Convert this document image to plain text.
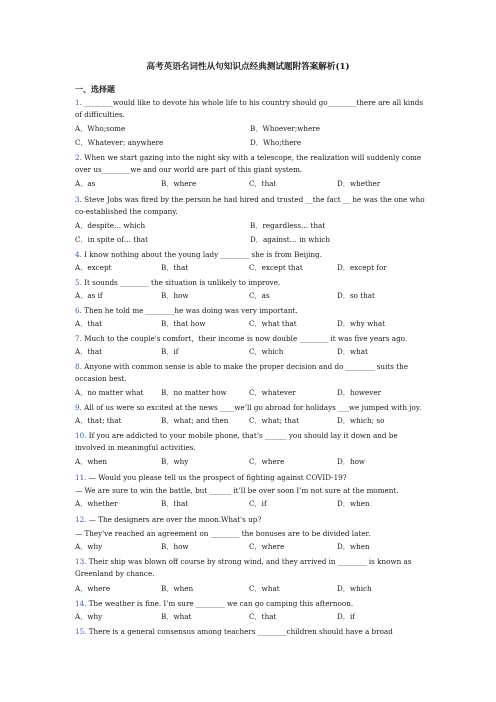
高考英语名词性从句知识点经典测试题附答案解析(1)
一、选择题
1. ________would like to devote his whole life to his country should go________there are all kinds of difficulties.
A．Who;some	B．Whoever;where
C．Whatever; anywhere	D．Who;there
2. When we start gazing into the night sky with a telescope, the realization will suddenly come over us________we and our world are part of this giant system.
A．as	B．where	C．that	D．whether
3. Steve Jobs was fired by the person he had hired and trusted __the fact __ he was the one who co-established the company.
A．despite… which	B．regardless… that
C．in spite of… that	D．against… in which
4. I know nothing about the young lady ________ she is from Beijing.
A．except	B．that	C．except that	D．except for
5. It sounds ________ the situation is unlikely to improve.
A．as if	B．how	C．as	D．so that
6. Then he told me ________he was doing was very important.
A．that	B．that how	C．what that	D．why what
7. Much to the couple's comfort，their income is now double ________ it was five years ago.
A．that	B．if	C．which	D．what
8. Anyone with common sense is able to make the proper decision and do ________ suits the occasion best.
A．no matter what B．no matter how	C．whatever	D．however
9. All of us were so excited at the news ____we’ll go abroad for holidays ___we jumped with joy.
A．that; that	B．what; and then	C．what; that	D．which; so
10. If you are addicted to your mobile phone, that’s ______ you should lay it down and be involved in meaningful activities.
A．when	B．why	C．where	D．how
11. — Would you please tell us the prospect of fighting against COVID-19?
— We are sure to win the battle, but ______ it’ll be over soon I’m not sure at the moment.
A．whether	B．that	C．if	D．when
12. — The designers are over the moon.What's up?
— They've reached an agreement on ________ the bonuses are to be divided later.
A．why	B．how	C．where	D．when
13. Their ship was blown off course by strong wind, and they arrived in ________ is known as Greenland by chance.
A．where	B．when	C．what	D．which
14. The weather is fine. I’m sure ________ we can go camping this afternoon.
A．why	B．what	C．that	D．if
15. There is a general consensus among teachers ________children should have a broad
